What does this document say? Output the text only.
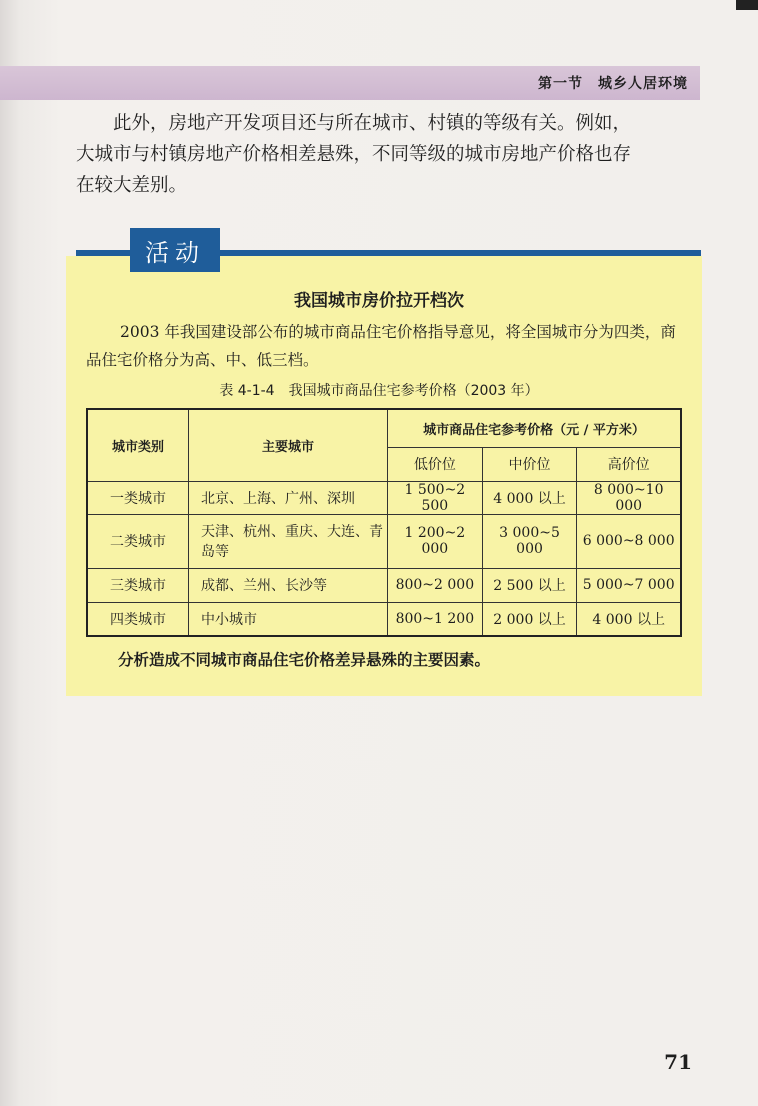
第一节　城乡人居环境

此外，房地产开发项目还与所在城市、村镇的等级有关。例如，大城市与村镇房地产价格相差悬殊，不同等级的城市房地产价格也存在较大差别。

活动
我国城市房价拉开档次

2003 年我国建设部公布的城市商品住宅价格指导意见，将全国城市分为四类，商品住宅价格分为高、中、低三档。

表 4-1-4　我国城市商品住宅参考价格（2003 年）
城市类别	主要城市	城市商品住宅参考价格（元 / 平方米）		
		低价位	中价位	高价位
一类城市	北京、上海、广州、深圳	1 500~2 500	4 000 以上	8 000~10 000
二类城市	天津、杭州、重庆、大连、青岛等	1 200~2 000	3 000~5 000	6 000~8 000
三类城市	成都、兰州、长沙等	800~2 000	2 500 以上	5 000~7 000
四类城市	中小城市	800~1 200	2 000 以上	4 000 以上
分析造成不同城市商品住宅价格差异悬殊的主要因素。
71
